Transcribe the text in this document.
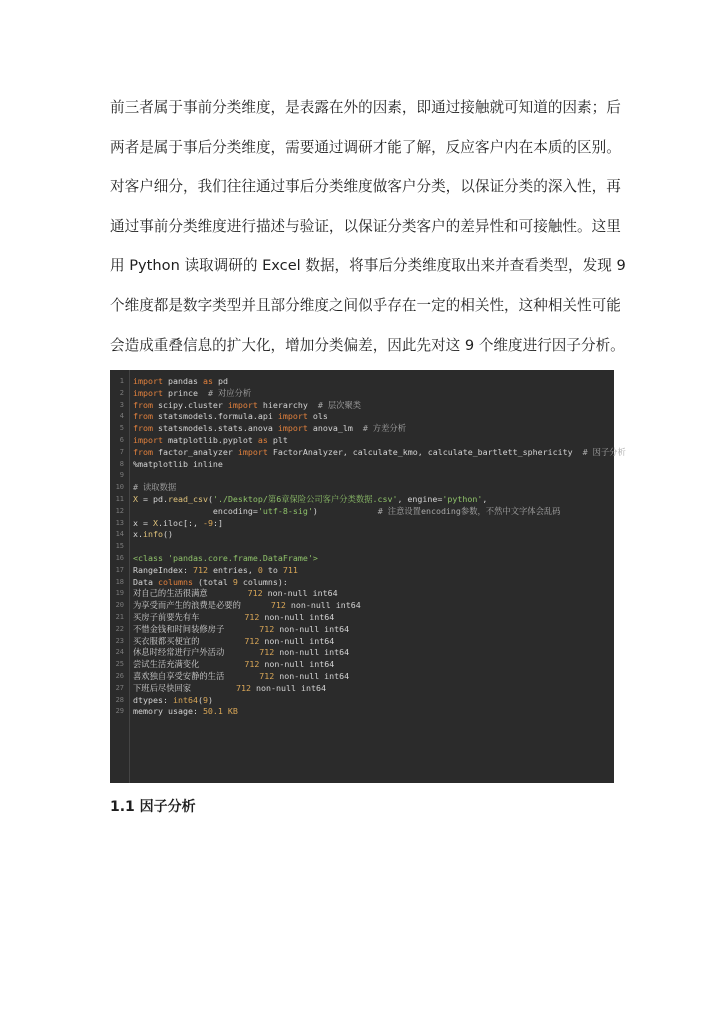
前三者属于事前分类维度，是表露在外的因素，即通过接触就可知道的因素；后
两者是属于事后分类维度，需要通过调研才能了解，反应客户内在本质的区别。
对客户细分，我们往往通过事后分类维度做客户分类，以保证分类的深入性，再
通过事前分类维度进行描述与验证，以保证分类客户的差异性和可接触性。这里
用 Python 读取调研的 Excel 数据，将事后分类维度取出来并查看类型，发现 9
个维度都是数字类型并且部分维度之间似乎存在一定的相关性，这种相关性可能
会造成重叠信息的扩大化，增加分类偏差，因此先对这 9 个维度进行因子分析。
1 import pandas as pd
2 import prince  # 对应分析
3 from scipy.cluster import hierarchy  # 层次聚类
4 from statsmodels.formula.api import ols
5 from statsmodels.stats.anova import anova_lm  # 方差分析
6 import matplotlib.pyplot as plt
7 from factor_analyzer import FactorAnalyzer, calculate_kmo, calculate_bartlett_sphericity  # 因子分析
8 %matplotlib inline
9
10 # 读取数据
11 X = pd.read_csv('./Desktop/第6章保险公司客户分类数据.csv', engine='python',
12 encoding='utf-8-sig')            # 注意设置encoding参数，不然中文字体会乱码
13 x = X.iloc[:, -9:]
14 x.info()
15
16 <class 'pandas.core.frame.DataFrame'>
17 RangeIndex: 712 entries, 0 to 711
18 Data columns (total 9 columns):
19 对自己的生活很满意        712 non-null int64
20 为享受而产生的浪费是必要的      712 non-null int64
21 买房子前要先有车         712 non-null int64
22 不惜金钱和时间装修房子       712 non-null int64
23 买衣服都买便宜的         712 non-null int64
24 休息时经常进行户外活动       712 non-null int64
25 尝试生活充满变化         712 non-null int64
26 喜欢独自享受安静的生活       712 non-null int64
27 下班后尽快回家         712 non-null int64
28 dtypes: int64(9)
29 memory usage: 50.1 KB
1.1 因子分析
